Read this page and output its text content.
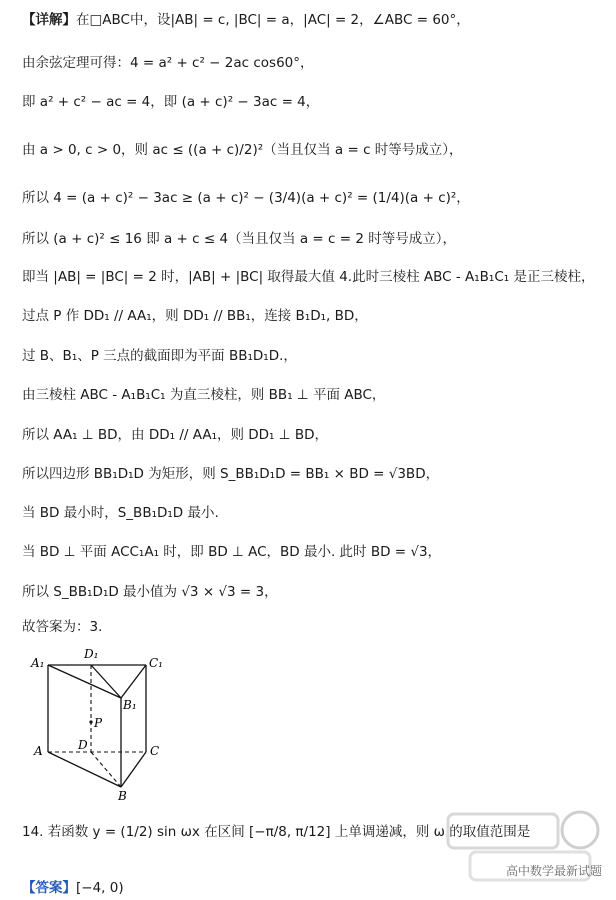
【详解】在□ABC中，设|AB| = c, |BC| = a，|AC| = 2，∠ABC = 60°，
由余弦定理可得：4 = a² + c² − 2ac cos60°，
即 a² + c² − ac = 4，即 (a + c)² − 3ac = 4，
由 a > 0, c > 0，则 ac ≤ ((a + c)/2)²（当且仅当 a = c 时等号成立），
所以 4 = (a + c)² − 3ac ≥ (a + c)² − (3/4)(a + c)² = (1/4)(a + c)²，
所以 (a + c)² ≤ 16 即 a + c ≤ 4（当且仅当 a = c = 2 时等号成立），
即当 |AB| = |BC| = 2 时，|AB| + |BC| 取得最大值 4.此时三棱柱 ABC - A₁B₁C₁ 是正三棱柱，
过点 P 作 DD₁ // AA₁，则 DD₁ // BB₁，连接 B₁D₁, BD，
过 B、B₁、P 三点的截面即为平面 BB₁D₁D.，
由三棱柱 ABC - A₁B₁C₁ 为直三棱柱，则 BB₁ ⊥ 平面 ABC，
所以 AA₁ ⊥ BD，由 DD₁ // AA₁，则 DD₁ ⊥ BD，
所以四边形 BB₁D₁D 为矩形，则 S_BB₁D₁D = BB₁ × BD = √3BD，
当 BD 最小时，S_BB₁D₁D 最小.
当 BD ⊥ 平面 ACC₁A₁ 时，即 BD ⊥ AC，BD 最小. 此时 BD = √3，
所以 S_BB₁D₁D 最小值为 √3 × √3 = 3，
故答案为：3.
A₁
D₁
C₁
B₁
P
A	D	C
B
14. 若函数 y = (1/2) sin ωx 在区间 [−π/8, π/12] 上单调递减，则 ω 的取值范围是
【答案】[−4, 0)
高中数学最新试题
